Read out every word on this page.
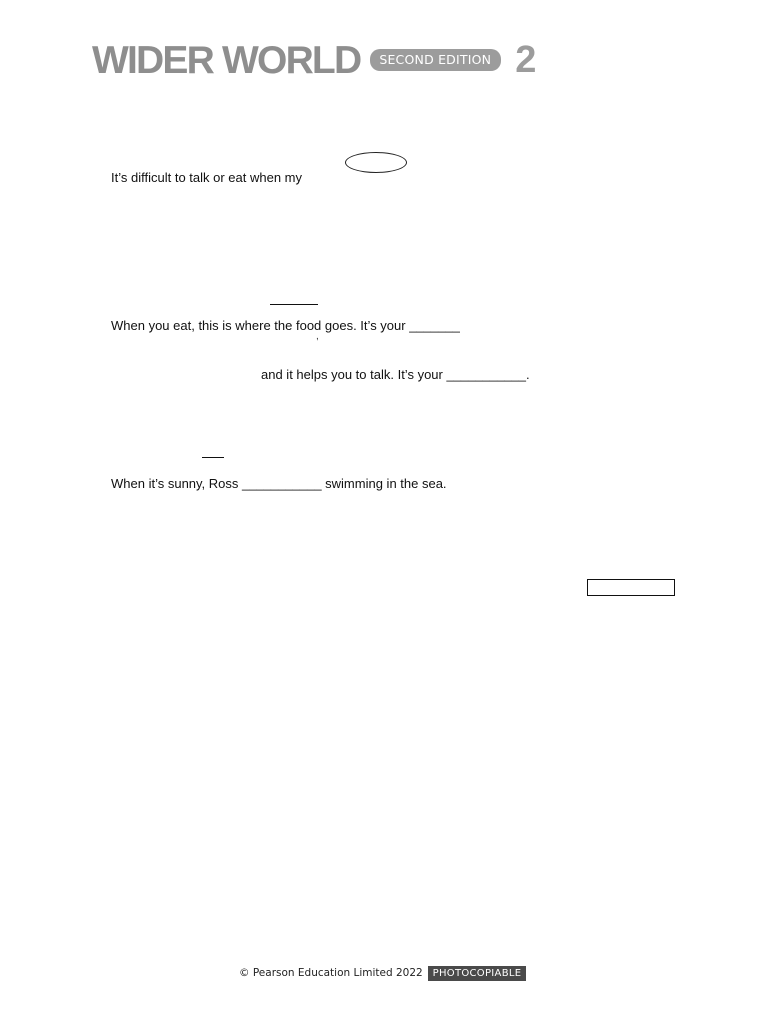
WIDER WORLD	SECOND EDITION 2
It’s difficult to talk or eat when my
When you eat, this is where the food goes. It’s your _______
,
and it helps you to talk. It’s your ___________.
When it’s sunny, Ross ___________ swimming in the sea.
© Pearson Education Limited 2022 PHOTOCOPIABLE
